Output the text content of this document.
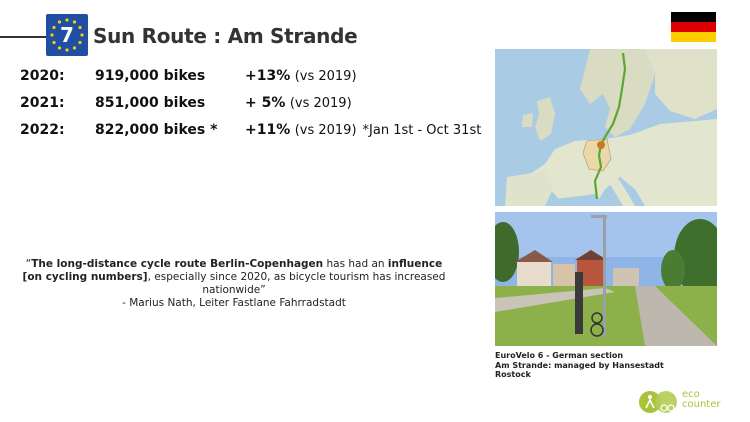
7 Sun Route : Am Strande
2020: 919,000 bikes	+13% (vs 2019)
2021: 851,000 bikes	+ 5% (vs 2019)
2022: 822,000 bikes * +11% (vs 2019) *Jan 1st - Oct 31st
“The long-distance cycle route Berlin-Copenhagen has had an influence [on cycling numbers], especially since 2020, as bicycle tourism has increased nationwide”
- Marius Nath, Leiter Fastlane Fahrradstadt
EuroVelo 6 - German section
Am Strande: managed by Hansestadt
Rostock
eco
counter
